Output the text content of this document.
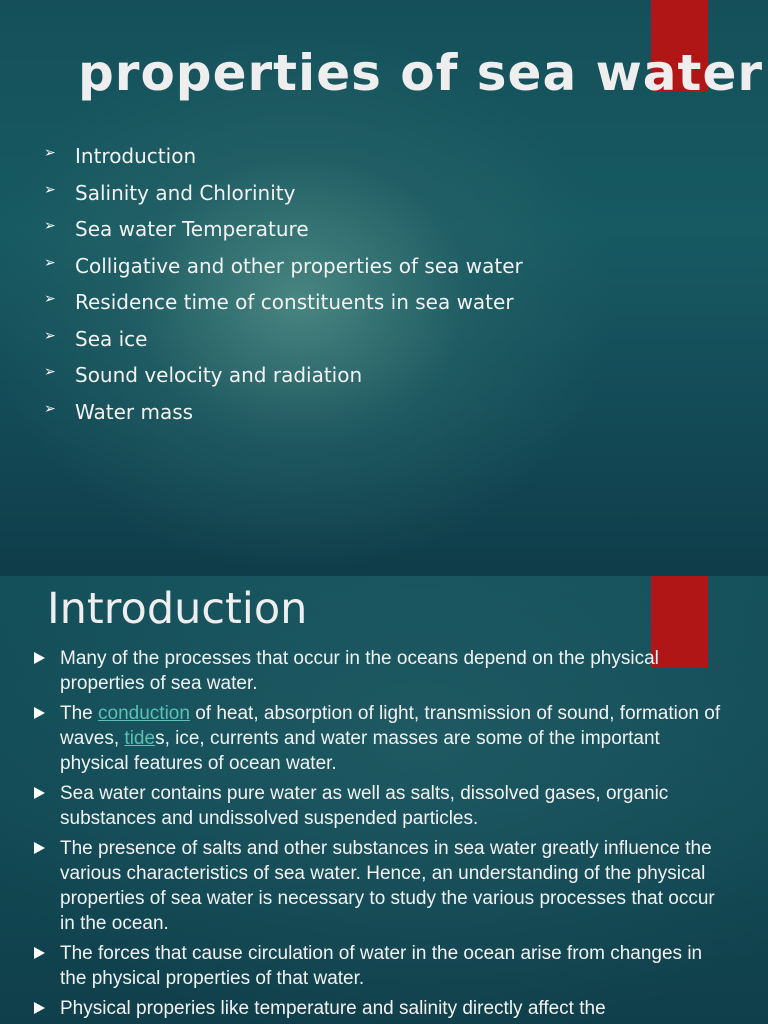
properties of sea water
➢ Introduction
➢ Salinity and Chlorinity
➢ Sea water Temperature
➢ Colligative and other properties of sea water
➢ Residence time of constituents in sea water
➢ Sea ice
➢ Sound velocity and radiation
➢ Water mass
Introduction
Many of the processes that occur in the oceans depend on the physical properties of sea water.
The conduction of heat, absorption of light, transmission of sound, formation of waves, tides, ice, currents and water masses are some of the important physical features of ocean water.
Sea water contains pure water as well as salts, dissolved gases, organic substances and undissolved suspended particles.
The presence of salts and other substances in sea water greatly influence the various characteristics of sea water. Hence, an understanding of the physical properties of sea water is necessary to study the various processes that occur in the ocean.
The forces that cause circulation of water in the ocean arise from changes in the physical properties of that water.
Physical properies like temperature and salinity directly affect the
